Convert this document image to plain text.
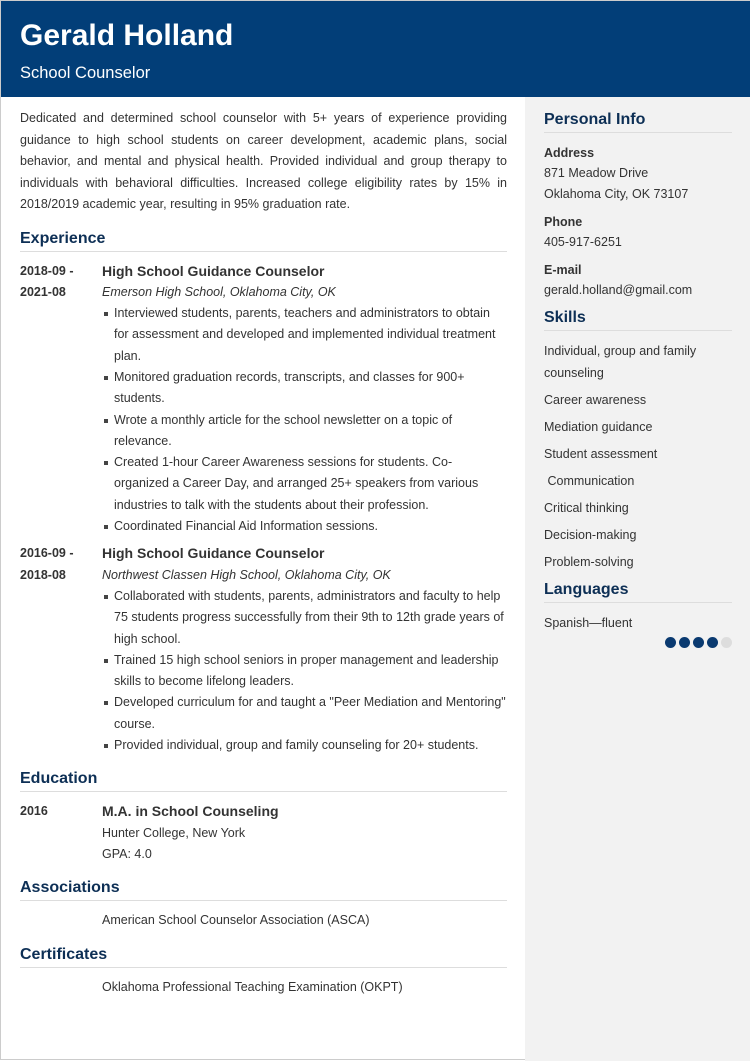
Gerald Holland
School Counselor

Dedicated and determined school counselor with 5+ years of experience providing guidance to high school students on career development, academic plans, social behavior, and mental and physical health. Provided individual and group therapy to individuals with behavioral difficulties. Increased college eligibility rates by 15% in 2018/2019 academic year, resulting in 95% graduation rate.

Experience
2018-09 -
2021-08
High School Guidance Counselor
Emerson High School, Oklahoma City, OK
Interviewed students, parents, teachers and administrators to obtain for assessment and developed and implemented individual treatment plan.
Monitored graduation records, transcripts, and classes for 900+ students.
Wrote a monthly article for the school newsletter on a topic of relevance.
Created 1-hour Career Awareness sessions for students. Co-organized a Career Day, and arranged 25+ speakers from various industries to talk with the students about their profession.
Coordinated Financial Aid Information sessions.
2016-09 -
2018-08
High School Guidance Counselor
Northwest Classen High School, Oklahoma City, OK
Collaborated with students, parents, administrators and faculty to help 75 students progress successfully from their 9th to 12th grade years of high school.
Trained 15 high school seniors in proper management and leadership skills to become lifelong leaders.
Developed curriculum for and taught a "Peer Mediation and Mentoring" course.
Provided individual, group and family counseling for 20+ students.
Education
2016	M.A. in School Counseling
Hunter College, New York
GPA: 4.0
Associations
American School Counselor Association (ASCA)
Certificates
Oklahoma Professional Teaching Examination (OKPT)
Personal Info
Address
871 Meadow Drive
Oklahoma City, OK 73107
Phone
405-917-6251
E-mail
gerald.holland@gmail.com
Skills
Individual, group and family counseling
Career awareness
Mediation guidance
Student assessment
Communication
Critical thinking
Decision-making
Problem-solving
Languages
Spanish—fluent
